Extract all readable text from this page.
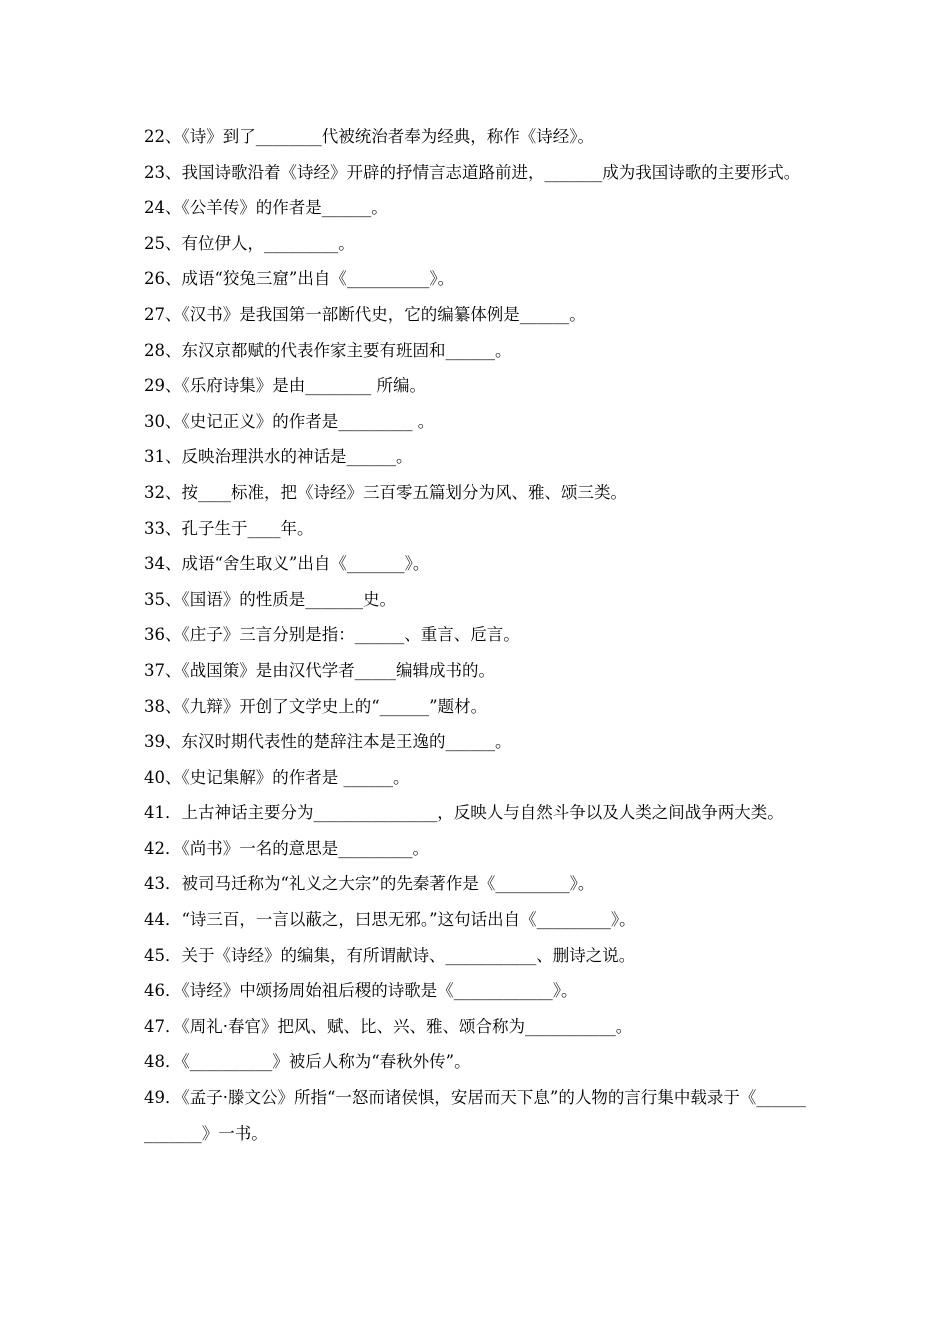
22、《诗》到了________代被统治者奉为经典，称作《诗经》。

23、我国诗歌沿着《诗经》开辟的抒情言志道路前进，_______成为我国诗歌的主要形式。

24、《公羊传》的作者是______。

25、有位伊人，_________。

26、成语“狡兔三窟”出自《__________》。

27、《汉书》是我国第一部断代史，它的编纂体例是______。

28、东汉京都赋的代表作家主要有班固和______。

29、《乐府诗集》是由________ 所编。

30、《史记正义》的作者是_________ 。

31、反映治理洪水的神话是______。

32、按____标准，把《诗经》三百零五篇划分为风、雅、颂三类。

33、孔子生于____年。

34、成语“舍生取义”出自《_______》。

35、《国语》的性质是_______史。

36、《庄子》三言分别是指：______、重言、卮言。

37、《战国策》是由汉代学者_____编辑成书的。

38、《九辩》开创了文学史上的“______”题材。

39、东汉时期代表性的楚辞注本是王逸的______。

40、《史记集解》的作者是 ______。

41．上古神话主要分为_______________，反映人与自然斗争以及人类之间战争两大类。

42．《尚书》一名的意思是_________。

43．被司马迁称为“礼义之大宗”的先秦著作是《_________》。

44．“诗三百，一言以蔽之，曰思无邪。”这句话出自《_________》。

45．关于《诗经》的编集，有所谓献诗、___________、删诗之说。

46．《诗经》中颂扬周始祖后稷的诗歌是《____________》。

47．《周礼·春官》把风、赋、比、兴、雅、颂合称为___________。

48．《__________》被后人称为“春秋外传”。

49．《孟子·滕文公》所指“一怒而诸侯惧，安居而天下息”的人物的言行集中载录于《_____________》一书。
